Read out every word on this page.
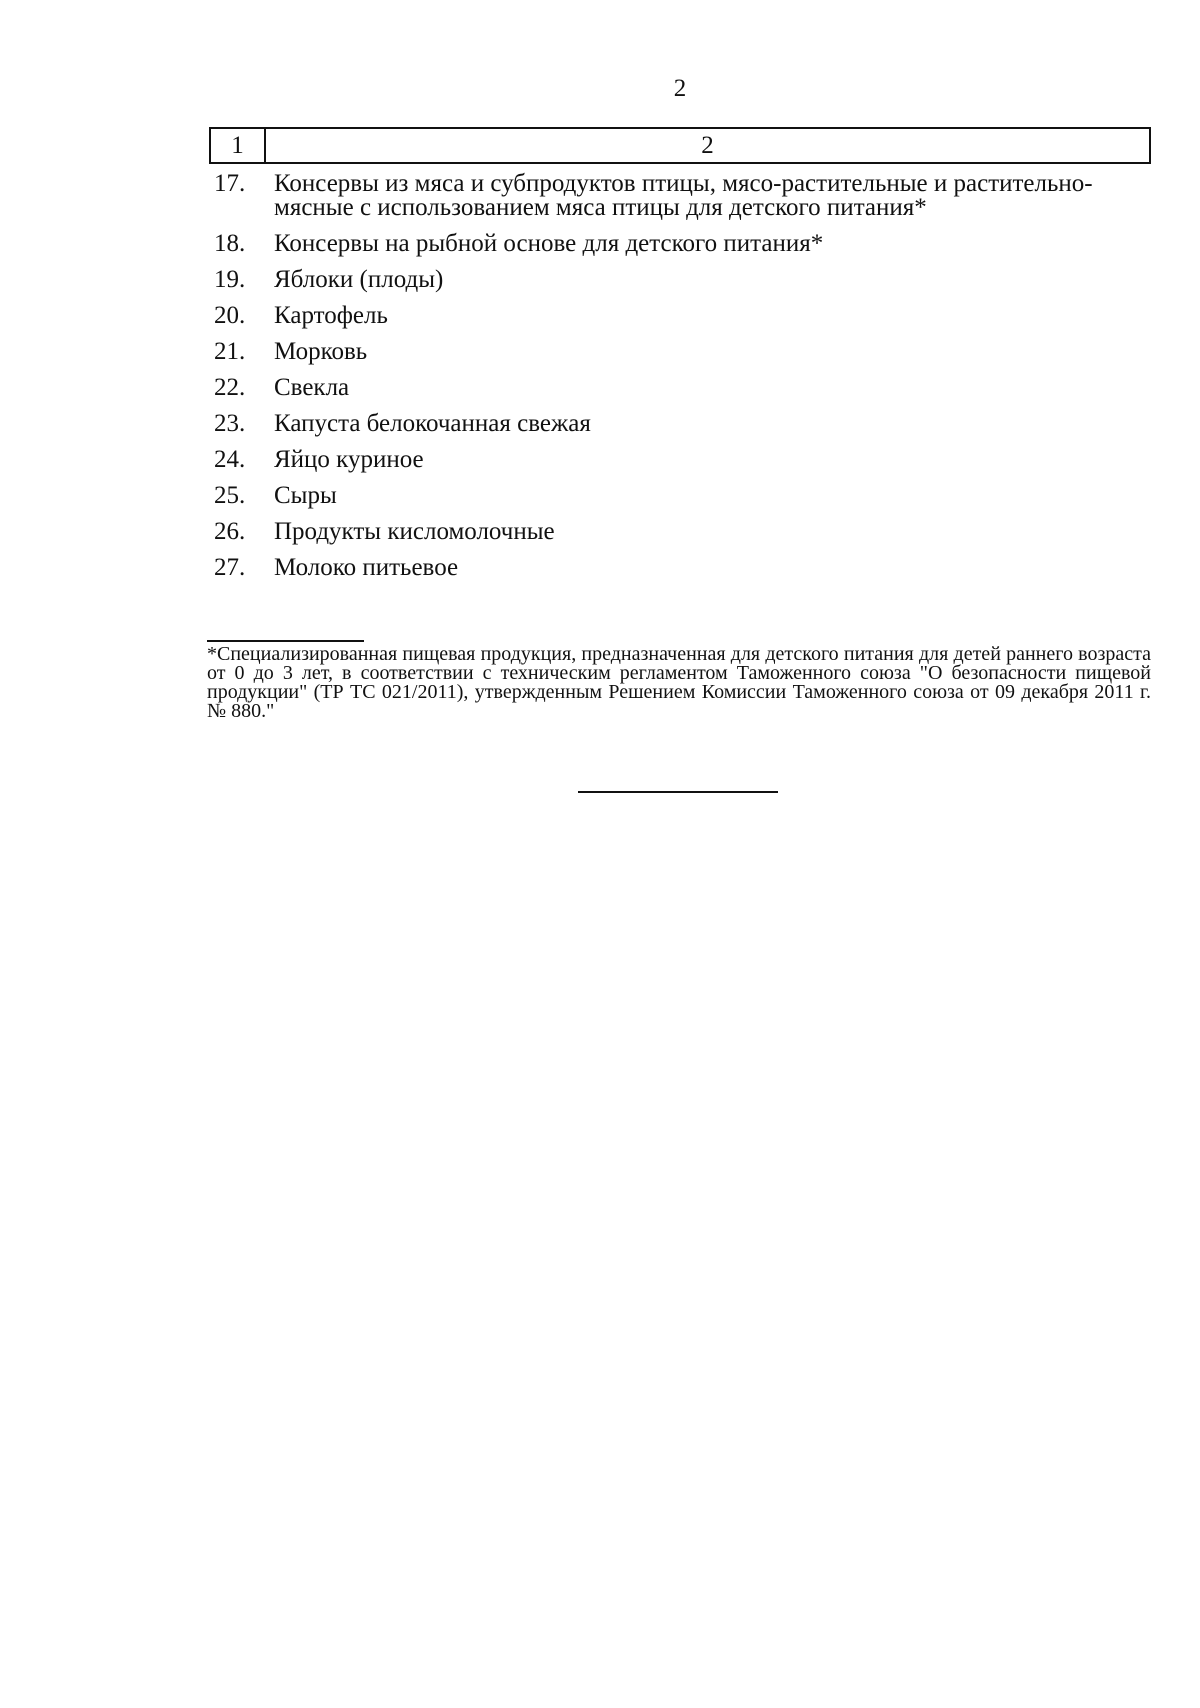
2
1	2
17.	Консервы из мяса и субпродуктов птицы, мясо-растительные и растительно-мясные с использованием мяса птицы для детского питания*
18.	Консервы на рыбной основе для детского питания*
19.	Яблоки (плоды)
20.	Картофель
21.	Морковь
22.	Свекла
23.	Капуста белокочанная свежая
24.	Яйцо куриное
25.	Сыры
26.	Продукты кисломолочные
27.	Молоко питьевое
*Специализированная пищевая продукция, предназначенная для детского питания для детей раннего возраста от 0 до 3 лет, в соответствии с техническим регламентом Таможенного союза "О безопасности пищевой продукции" (ТР ТС 021/2011), утвержденным Решением Комиссии Таможенного союза от 09 декабря 2011 г. № 880."
